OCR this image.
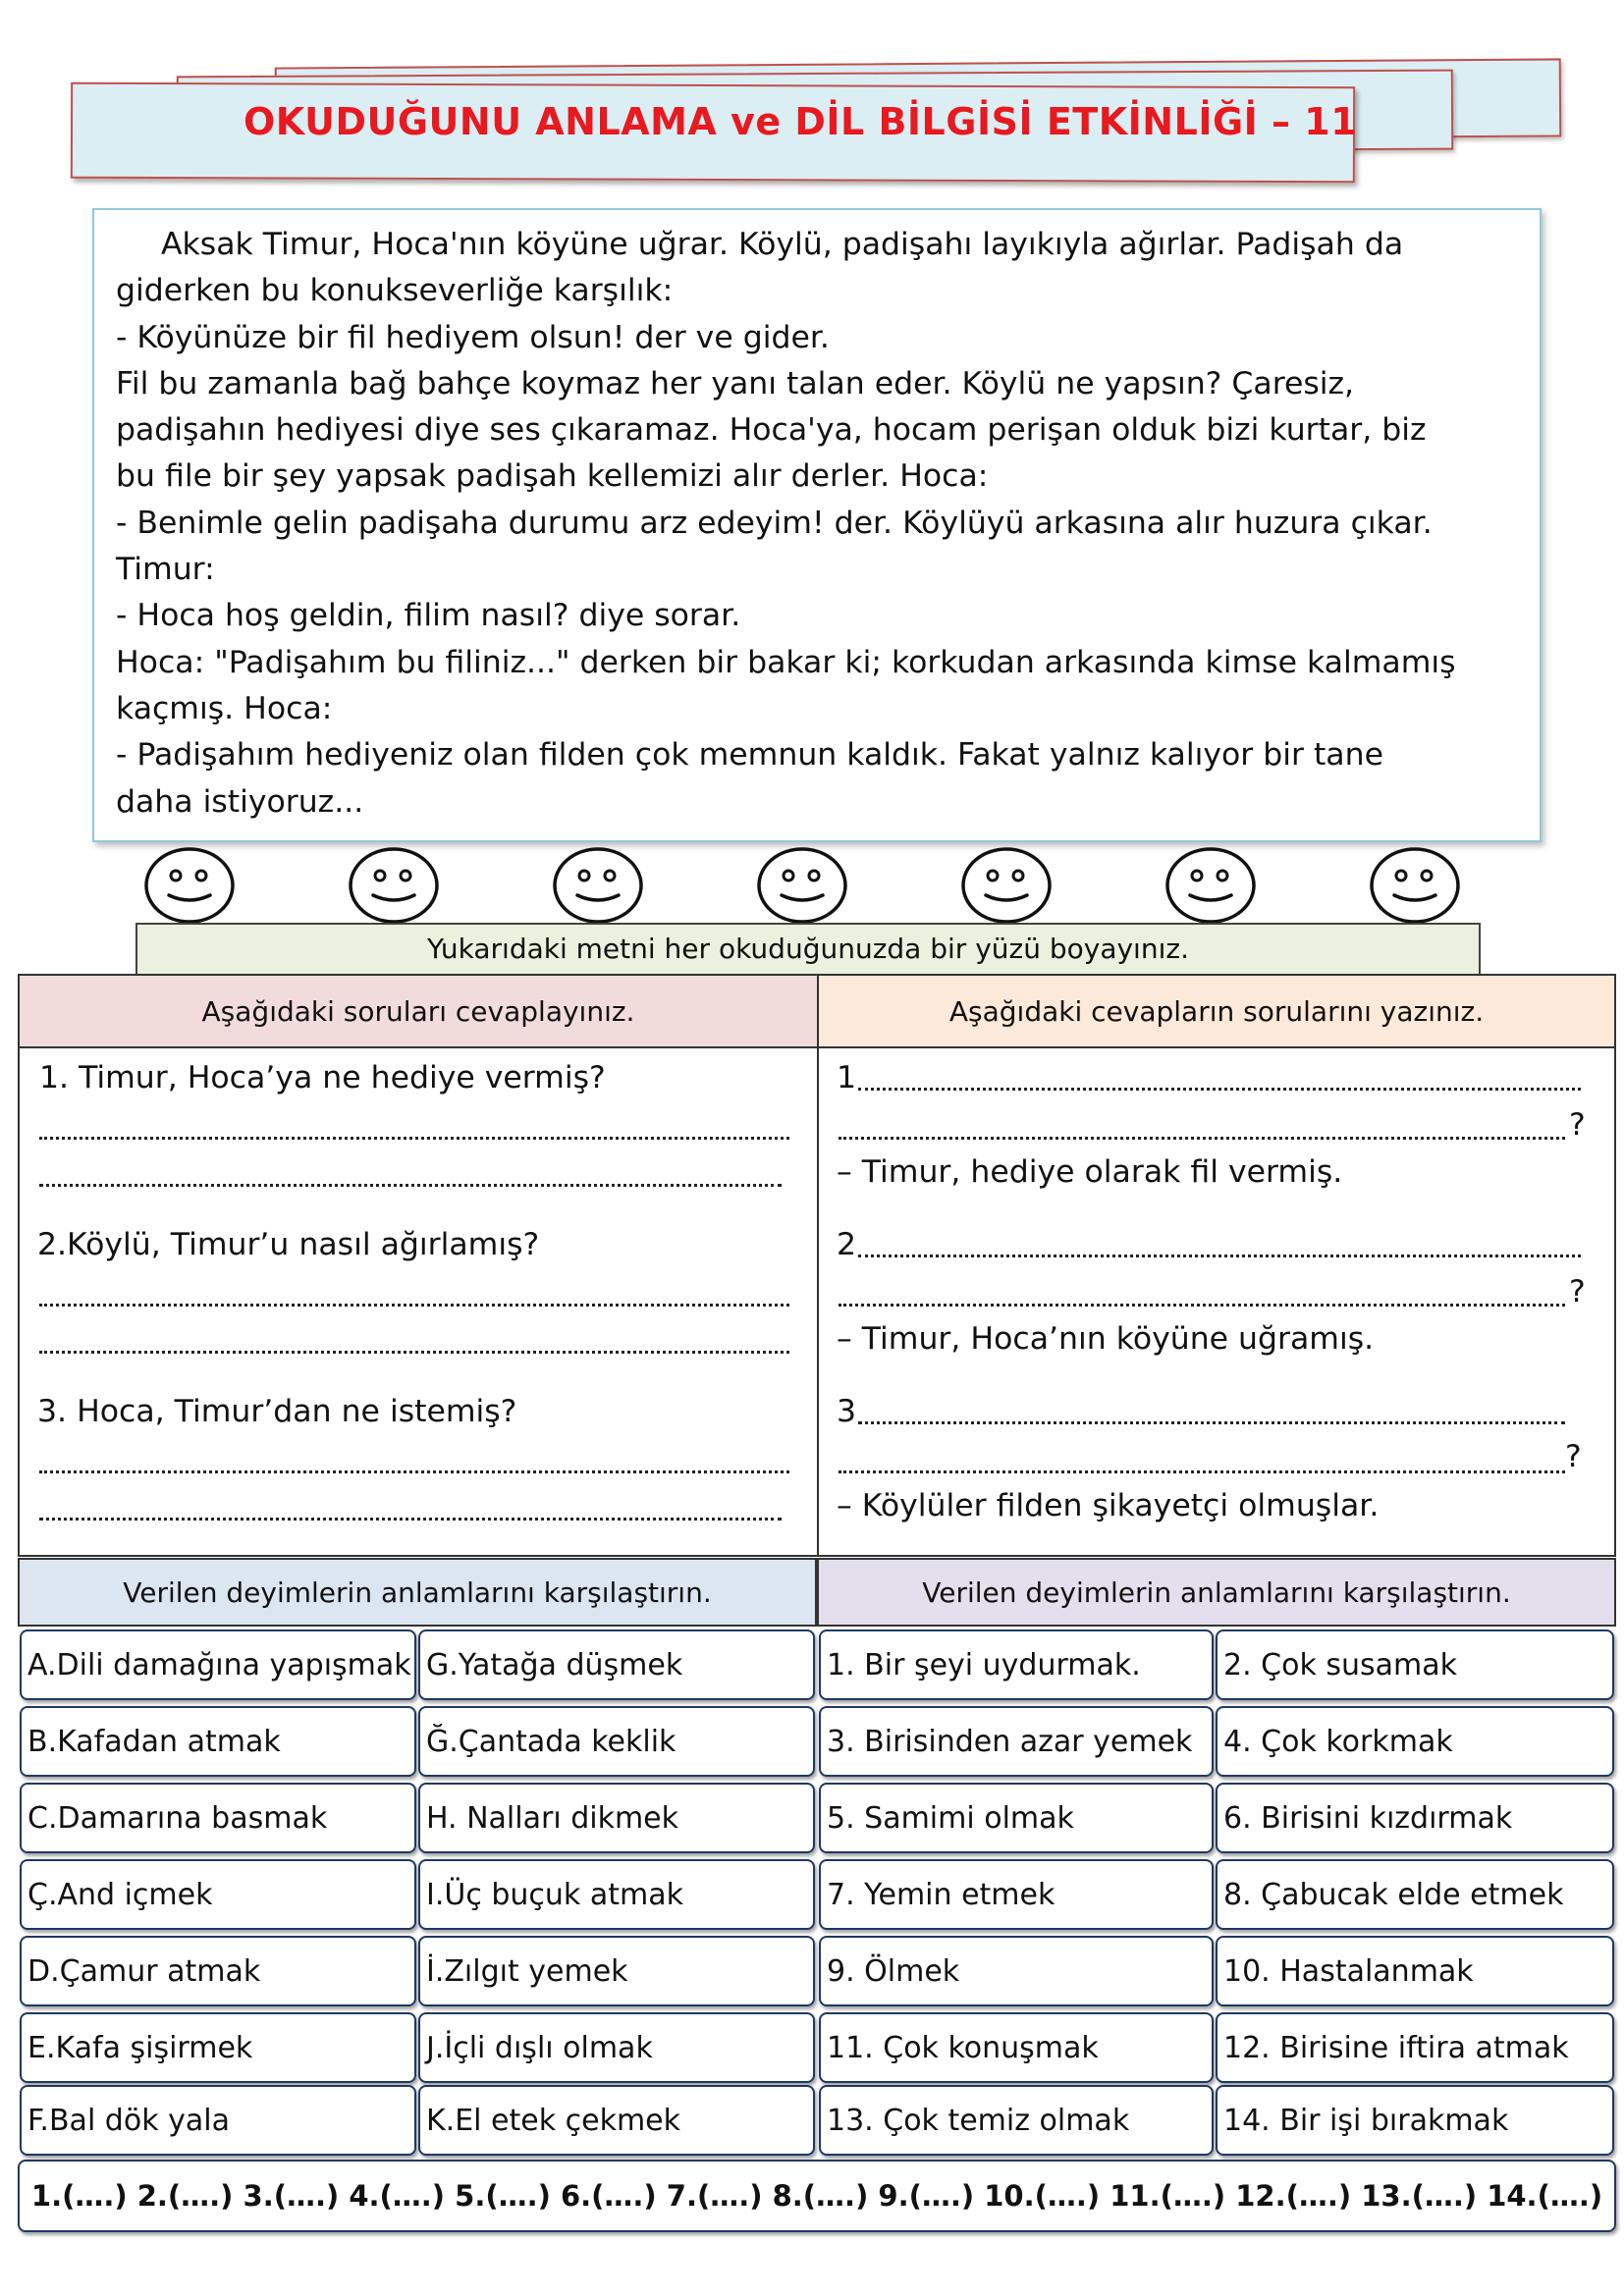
OKUDUĞUNU ANLAMA ve DİL BİLGİSİ ETKİNLİĞİ – 11

Aksak Timur, Hoca'nın köyüne uğrar. Köylü, padişahı layıkıyla ağırlar. Padişah da

giderken bu konukseverliğe karşılık:

- Köyünüze bir fil hediyem olsun! der ve gider.

Fil bu zamanla bağ bahçe koymaz her yanı talan eder. Köylü ne yapsın? Çaresiz,

padişahın hediyesi diye ses çıkaramaz. Hoca'ya, hocam perişan olduk bizi kurtar, biz

bu file bir şey yapsak padişah kellemizi alır derler. Hoca:

- Benimle gelin padişaha durumu arz edeyim! der. Köylüyü arkasına alır huzura çıkar.

Timur:

- Hoca hoş geldin, filim nasıl? diye sorar.

Hoca: "Padişahım bu filiniz..." derken bir bakar ki; korkudan arkasında kimse kalmamış

kaçmış. Hoca:

- Padişahım hediyeniz olan filden çok memnun kaldık. Fakat yalnız kalıyor bir tane

daha istiyoruz...

Yukarıdaki metni her okuduğunuzda bir yüzü boyayınız.
Aşağıdaki soruları cevaplayınız.	Aşağıdaki cevapların sorularını yazınız.
1. Timur, Hoca’ya ne hediye vermiş?
2.Köylü, Timur’u nasıl ağırlamış?
3. Hoca, Timur’dan ne istemiş?
1
?
– Timur, hediye olarak fil vermiş.
2
?
– Timur, Hoca’nın köyüne uğramış.
3
?
– Köylüler filden şikayetçi olmuşlar.
Verilen deyimlerin anlamlarını karşılaştırın.	Verilen deyimlerin anlamlarını karşılaştırın.
A.Dili damağına yapışmak
B.Kafadan atmak
C.Damarına basmak
Ç.And içmek
D.Çamur atmak
E.Kafa şişirmek
F.Bal dök yala
G.Yatağa düşmek
Ğ.Çantada keklik
H. Nalları dikmek
I.Üç buçuk atmak
İ.Zılgıt yemek
J.İçli dışlı olmak
K.El etek çekmek
1. Bir şeyi uydurmak.
3. Birisinden azar yemek
5. Samimi olmak
7. Yemin etmek
9. Ölmek
11. Çok konuşmak
13. Çok temiz olmak
2. Çok susamak
4. Çok korkmak
6. Birisini kızdırmak
8. Çabucak elde etmek
10. Hastalanmak
12. Birisine iftira atmak
14. Bir işi bırakmak
1.(….) 2.(….) 3.(….) 4.(….) 5.(….) 6.(….) 7.(….) 8.(….) 9.(….) 10.(….) 11.(….) 12.(….) 13.(….) 14.(….)
